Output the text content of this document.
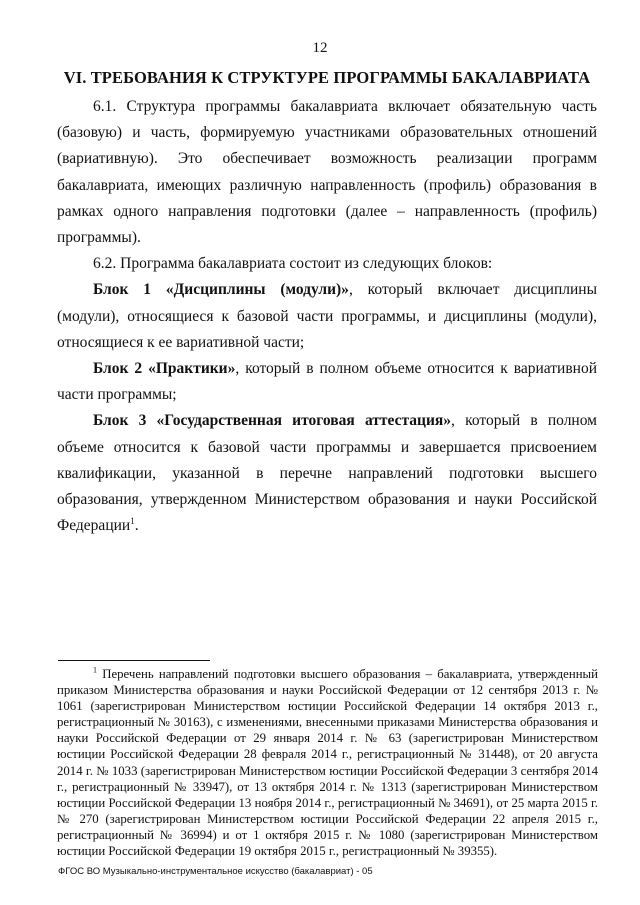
12
VI. ТРЕБОВАНИЯ К СТРУКТУРЕ ПРОГРАММЫ БАКАЛАВРИАТА

6.1. Структура программы бакалавриата включает обязательную часть (базовую) и часть, формируемую участниками образовательных отношений (вариативную). Это обеспечивает возможность реализации программ бакалавриата, имеющих различную направленность (профиль) образования в рамках одного направления подготовки (далее – направленность (профиль) программы).

6.2. Программа бакалавриата состоит из следующих блоков:

Блок 1 «Дисциплины (модули)», который включает дисциплины (модули), относящиеся к базовой части программы, и дисциплины (модули), относящиеся к ее вариативной части;

Блок 2 «Практики», который в полном объеме относится к вариативной части программы;

Блок 3 «Государственная итоговая аттестация», который в полном объеме относится к базовой части программы и завершается присвоением квалификации, указанной в перечне направлений подготовки высшего образования, утвержденном Министерством образования и науки Российской Федерации$^1$.

$^1$ Перечень направлений подготовки высшего образования – бакалавриата, утвержденный приказом Министерства образования и науки Российской Федерации от 12 сентября 2013 г. № 1061 (зарегистрирован Министерством юстиции Российской Федерации 14 октября 2013 г., регистрационный № 30163), с изменениями, внесенными приказами Министерства образования и науки Российской Федерации от 29 января 2014 г. № 63 (зарегистрирован Министерством юстиции Российской Федерации 28 февраля 2014 г., регистрационный № 31448), от 20 августа 2014 г. № 1033 (зарегистрирован Министерством юстиции Российской Федерации 3 сентября 2014 г., регистрационный № 33947), от 13 октября 2014 г. № 1313 (зарегистрирован Министерством юстиции Российской Федерации 13 ноября 2014 г., регистрационный № 34691), от 25 марта 2015 г. № 270 (зарегистрирован Министерством юстиции Российской Федерации 22 апреля 2015 г., регистрационный № 36994) и от 1 октября 2015 г. № 1080 (зарегистрирован Министерством юстиции Российской Федерации 19 октября 2015 г., регистрационный № 39355).

ФГОС ВО Музыкально-инструментальное искусство (бакалавриат) - 05
